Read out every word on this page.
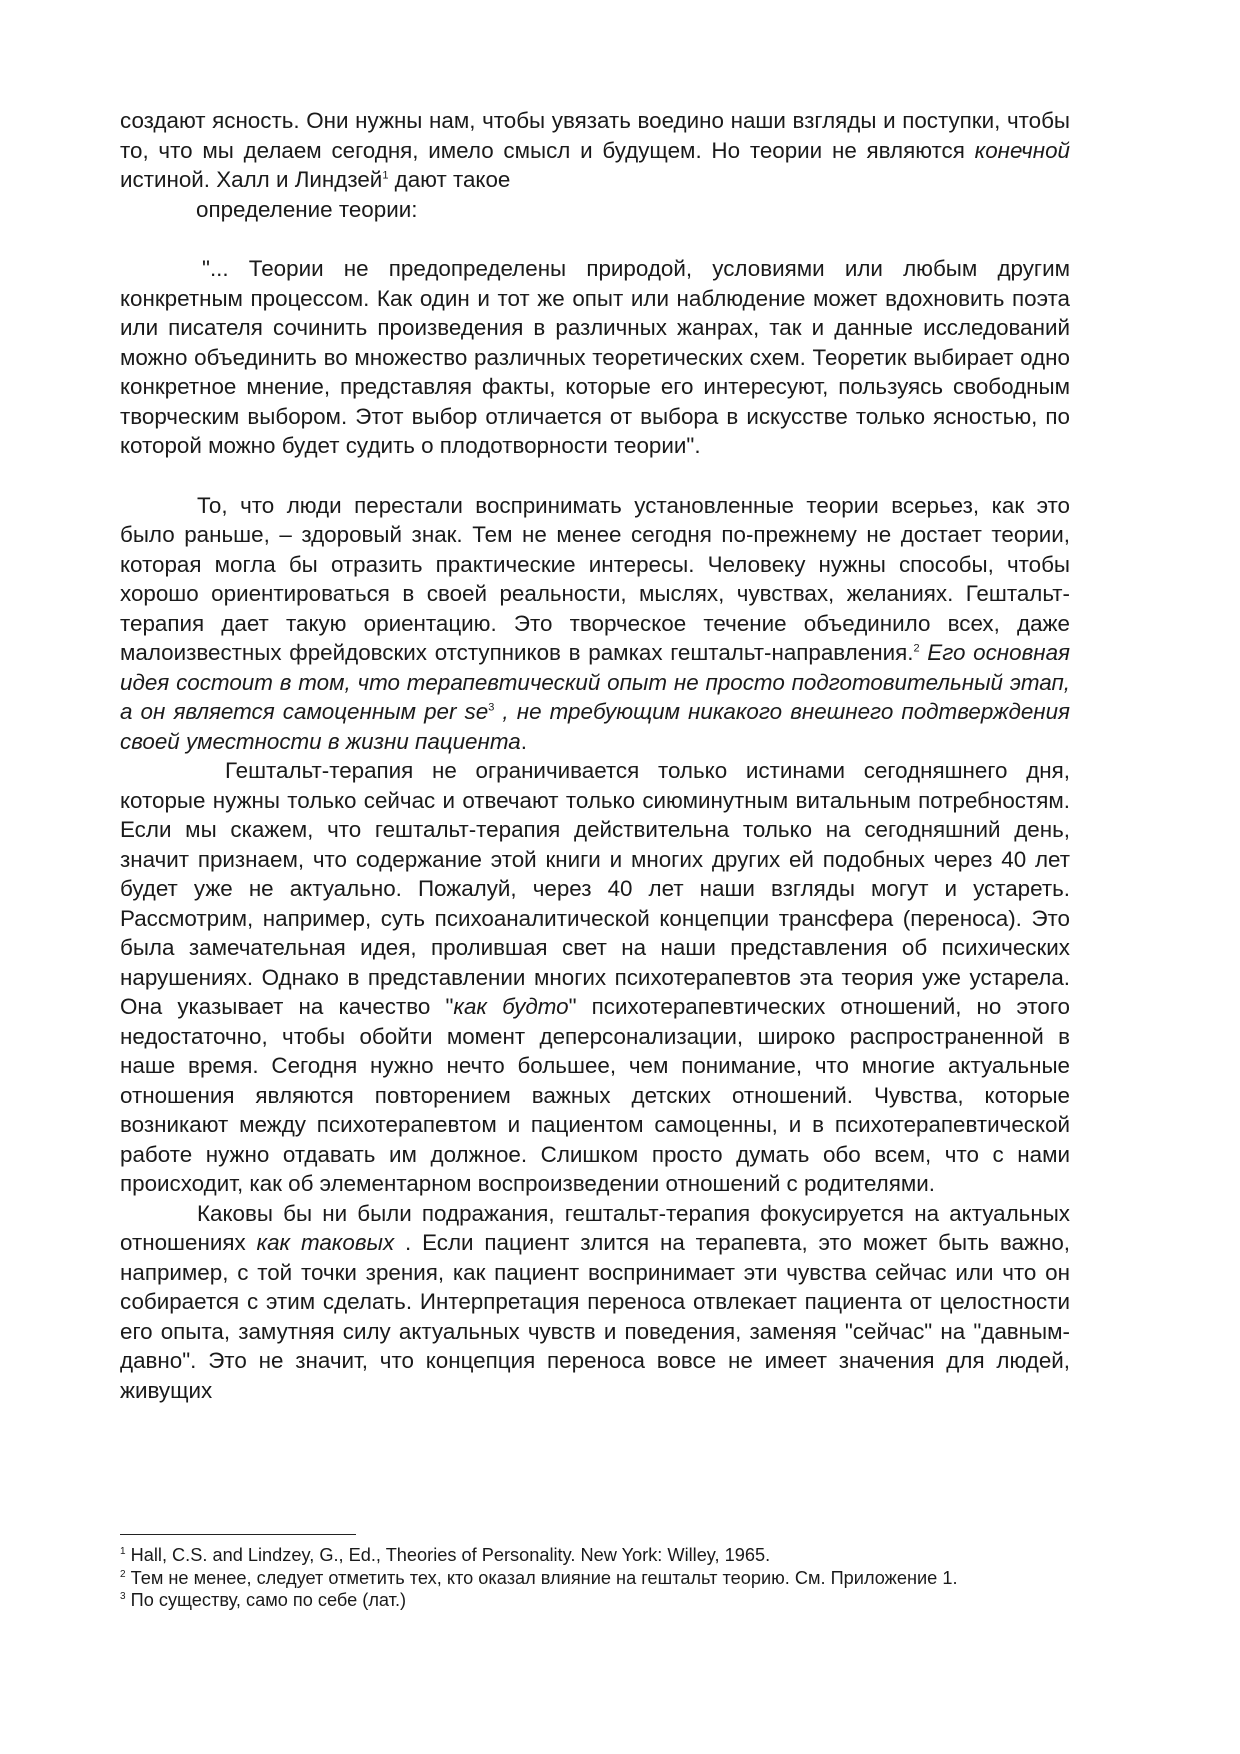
создают ясность. Они нужны нам, чтобы увязать воедино наши взгляды и поступки, чтобы то, что мы делаем сегодня, имело смысл и будущем. Но теории не являются конечной истиной. Халл и Линдзей$^1$ дают такое

определение теории:

"... Теории не предопределены природой, условиями или любым другим конкретным процессом. Как один и тот же опыт или наблюдение может вдохновить поэта или писателя сочинить произведения в различных жанрах, так и данные исследований можно объединить во множество различных теоретических схем. Теоретик выбирает одно конкретное мнение, представляя факты, которые его интересуют, пользуясь свободным творческим выбором. Этот выбор отличается от выбора в искусстве только ясностью, по которой можно будет судить о плодотворности теории".

То, что люди перестали воспринимать установленные теории всерьез, как это было раньше, – здоровый знак. Тем не менее сегодня по-прежнему не достает теории, которая могла бы отразить практические интересы. Человеку нужны способы, чтобы хорошо ориентироваться в своей реальности, мыслях, чувствах, желаниях. Гештальт-терапия дает такую ориентацию. Это творческое течение объединило всех, даже малоизвестных фрейдовских отступников в рамках гештальт-направления.$^2$ Его основная идея состоит в том, что терапевтический опыт не просто подготовительный этап, а он является самоценным per $se^3$ , не требующим никакого внешнего подтверждения своей уместности в жизни пациента.

Гештальт-терапия не ограничивается только истинами сегодняшнего дня, которые нужны только сейчас и отвечают только сиюминутным витальным потребностям. Если мы скажем, что гештальт-терапия действительна только на сегодняшний день, значит признаем, что содержание этой книги и многих других ей подобных через 40 лет будет уже не актуально. Пожалуй, через 40 лет наши взгляды могут и устареть. Рассмотрим, например, суть психоаналитической концепции трансфера (переноса). Это была замечательная идея, пролившая свет на наши представления об психических нарушениях. Однако в представлении многих психотерапевтов эта теория уже устарела. Она указывает на качество "как будто" психотерапевтических отношений, но этого недостаточно, чтобы обойти момент деперсонализации, широко распространенной в наше время. Сегодня нужно нечто большее, чем понимание, что многие актуальные отношения являются повторением важных детских отношений. Чувства, которые возникают между психотерапевтом и пациентом самоценны, и в психотерапевтической работе нужно отдавать им должное. Слишком просто думать обо всем, что с нами происходит, как об элементарном воспроизведении отношений с родителями.

Каковы бы ни были подражания, гештальт-терапия фокусируется на актуальных отношениях как таковых . Если пациент злится на терапевта, это может быть важно, например, с той точки зрения, как пациент воспринимает эти чувства сейчас или что он собирается с этим сделать. Интерпретация переноса отвлекает пациента от целостности его опыта, замутняя силу актуальных чувств и поведения, заменяя "сейчас" на "давным-давно". Это не значит, что концепция переноса вовсе не имеет значения для людей, живущих

$^1$ Hall, C.S. and Lindzey, G., Ed., Theories of Personality. New York: Willey, 1965.

$^2$ Тем не менее, следует отметить тех, кто оказал влияние на гештальт теорию. См. Приложение 1.

$^3$ По существу, само по себе (лат.)
